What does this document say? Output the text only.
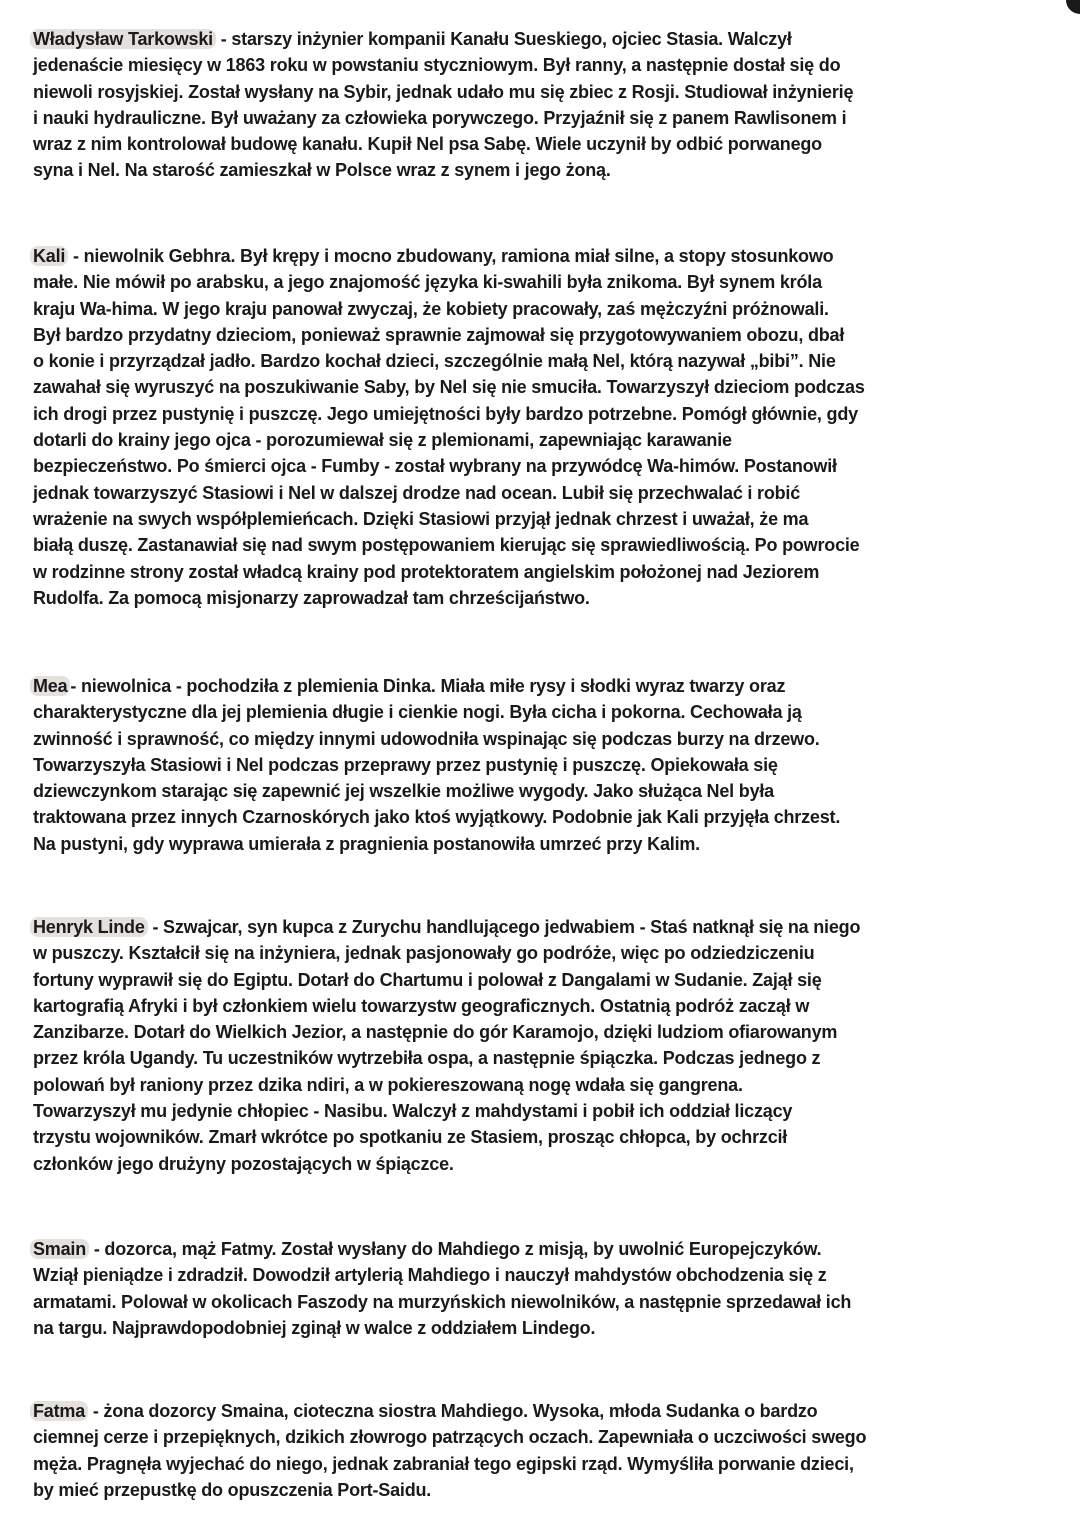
Władysław Tarkowski - starszy inżynier kompanii Kanału Sueskiego, ojciec Stasia. Walczył
jedenaście miesięcy w 1863 roku w powstaniu styczniowym. Był ranny, a następnie dostał się do
niewoli rosyjskiej. Został wysłany na Sybir, jednak udało mu się zbiec z Rosji. Studiował inżynierię
i nauki hydrauliczne. Był uważany za człowieka porywczego. Przyjaźnił się z panem Rawlisonem i
wraz z nim kontrolował budowę kanału. Kupił Nel psa Sabę. Wiele uczynił by odbić porwanego
syna i Nel. Na starość zamieszkał w Polsce wraz z synem i jego żoną.
Kali - niewolnik Gebhra. Był krępy i mocno zbudowany, ramiona miał silne, a stopy stosunkowo
małe. Nie mówił po arabsku, a jego znajomość języka ki-swahili była znikoma. Był synem króla
kraju Wa-hima. W jego kraju panował zwyczaj, że kobiety pracowały, zaś mężczyźni próżnowali.
Był bardzo przydatny dzieciom, ponieważ sprawnie zajmował się przygotowywaniem obozu, dbał
o konie i przyrządzał jadło. Bardzo kochał dzieci, szczególnie małą Nel, którą nazywał „bibi”. Nie
zawahał się wyruszyć na poszukiwanie Saby, by Nel się nie smuciła. Towarzyszył dzieciom podczas
ich drogi przez pustynię i puszczę. Jego umiejętności były bardzo potrzebne. Pomógł głównie, gdy
dotarli do krainy jego ojca - porozumiewał się z plemionami, zapewniając karawanie
bezpieczeństwo. Po śmierci ojca - Fumby - został wybrany na przywódcę Wa-himów. Postanowił
jednak towarzyszyć Stasiowi i Nel w dalszej drodze nad ocean. Lubił się przechwalać i robić
wrażenie na swych współplemieńcach. Dzięki Stasiowi przyjął jednak chrzest i uważał, że ma
białą duszę. Zastanawiał się nad swym postępowaniem kierując się sprawiedliwością. Po powrocie
w rodzinne strony został władcą krainy pod protektoratem angielskim położonej nad Jeziorem
Rudolfa. Za pomocą misjonarzy zaprowadzał tam chrześcijaństwo.
Mea - niewolnica - pochodziła z plemienia Dinka. Miała miłe rysy i słodki wyraz twarzy oraz
charakterystyczne dla jej plemienia długie i cienkie nogi. Była cicha i pokorna. Cechowała ją
zwinność i sprawność, co między innymi udowodniła wspinając się podczas burzy na drzewo.
Towarzyszyła Stasiowi i Nel podczas przeprawy przez pustynię i puszczę. Opiekowała się
dziewczynkom starając się zapewnić jej wszelkie możliwe wygody. Jako służąca Nel była
traktowana przez innych Czarnoskórych jako ktoś wyjątkowy. Podobnie jak Kali przyjęła chrzest.
Na pustyni, gdy wyprawa umierała z pragnienia postanowiła umrzeć przy Kalim.
Henryk Linde - Szwajcar, syn kupca z Zurychu handlującego jedwabiem - Staś natknął się na niego
w puszczy. Kształcił się na inżyniera, jednak pasjonowały go podróże, więc po odziedziczeniu
fortuny wyprawił się do Egiptu. Dotarł do Chartumu i polował z Dangalami w Sudanie. Zajął się
kartografią Afryki i był członkiem wielu towarzystw geograficznych. Ostatnią podróż zaczął w
Zanzibarze. Dotarł do Wielkich Jezior, a następnie do gór Karamojo, dzięki ludziom ofiarowanym
przez króla Ugandy. Tu uczestników wytrzebiła ospa, a następnie śpiączka. Podczas jednego z
polowań był raniony przez dzika ndiri, a w pokiereszowaną nogę wdała się gangrena.
Towarzyszył mu jedynie chłopiec - Nasibu. Walczył z mahdystami i pobił ich oddział liczący
trzystu wojowników. Zmarł wkrótce po spotkaniu ze Stasiem, prosząc chłopca, by ochrzcił
członków jego drużyny pozostających w śpiączce.
Smain - dozorca, mąż Fatmy. Został wysłany do Mahdiego z misją, by uwolnić Europejczyków.
Wziął pieniądze i zdradził. Dowodził artylerią Mahdiego i nauczył mahdystów obchodzenia się z
armatami. Polował w okolicach Faszody na murzyńskich niewolników, a następnie sprzedawał ich
na targu. Najprawdopodobniej zginął w walce z oddziałem Lindego.
Fatma - żona dozorcy Smaina, cioteczna siostra Mahdiego. Wysoka, młoda Sudanka o bardzo
ciemnej cerze i przepięknych, dzikich złowrogo patrzących oczach. Zapewniała o uczciwości swego
męża. Pragnęła wyjechać do niego, jednak zabraniał tego egipski rząd. Wymyśliła porwanie dzieci,
by mieć przepustkę do opuszczenia Port-Saidu.
